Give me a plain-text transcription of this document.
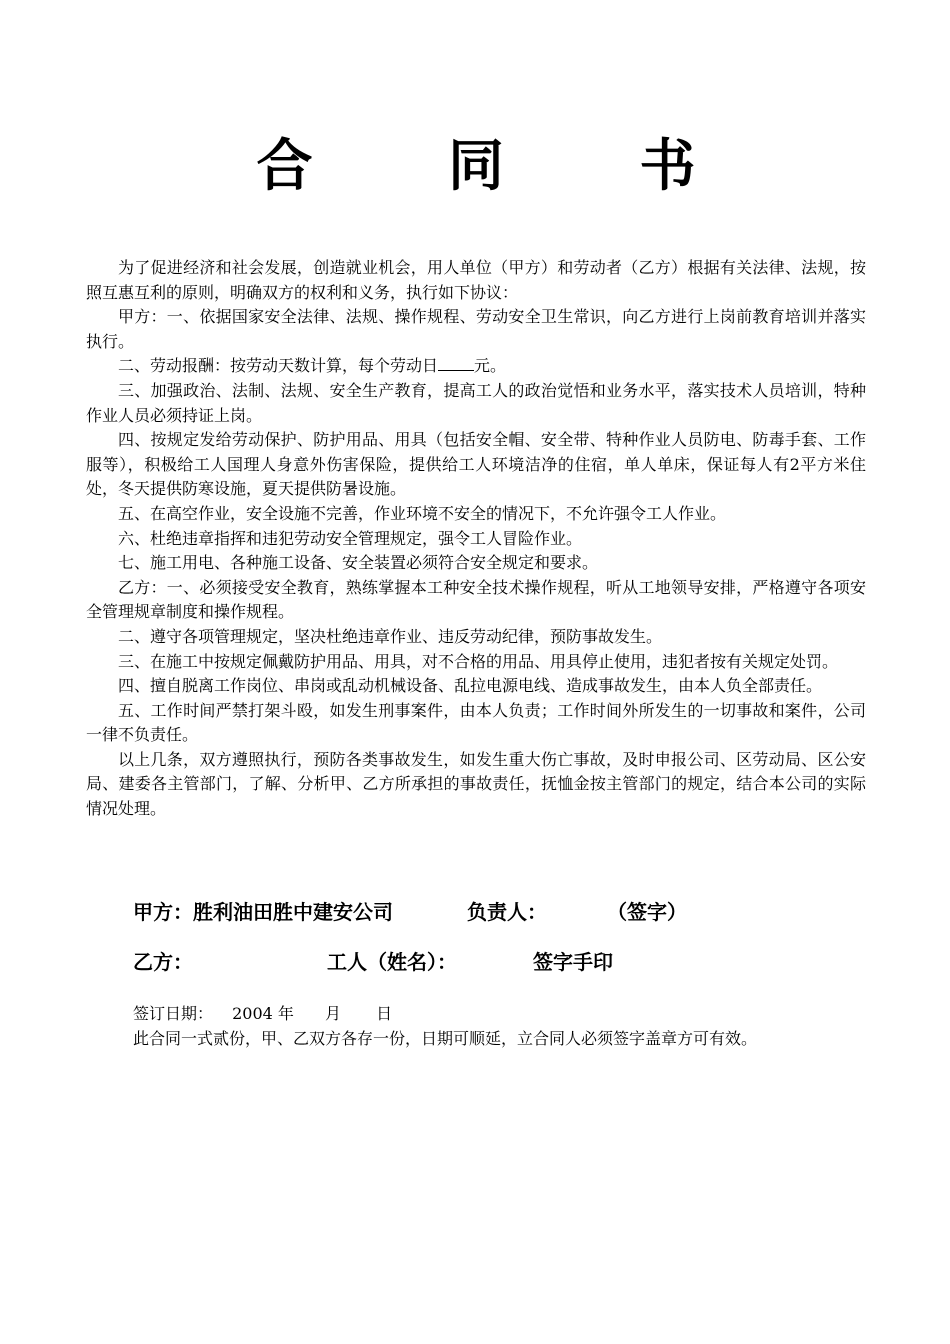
合 同 书

为了促进经济和社会发展，创造就业机会，用人单位（甲方）和劳动者（乙方）根据有关法律、法规，按照互惠互利的原则，明确双方的权利和义务，执行如下协议：

甲方：一、依据国家安全法律、法规、操作规程、劳动安全卫生常识，向乙方进行上岗前教育培训并落实执行。

二、劳动报酬：按劳动天数计算，每个劳动日 元。

三、加强政治、法制、法规、安全生产教育，提高工人的政治觉悟和业务水平，落实技术人员培训，特种作业人员必须持证上岗。

四、按规定发给劳动保护、防护用品、用具（包括安全帽、安全带、特种作业人员防电、防毒手套、工作服等），积极给工人国理人身意外伤害保险，提供给工人环境洁净的住宿，单人单床，保证每人有2平方米住处，冬天提供防寒设施，夏天提供防暑设施。

五、在高空作业，安全设施不完善，作业环境不安全的情况下，不允许强令工人作业。

六、杜绝违章指挥和违犯劳动安全管理规定，强令工人冒险作业。

七、施工用电、各种施工设备、安全装置必须符合安全规定和要求。

乙方：一、必须接受安全教育，熟练掌握本工种安全技术操作规程，听从工地领导安排，严格遵守各项安全管理规章制度和操作规程。

二、遵守各项管理规定，坚决杜绝违章作业、违反劳动纪律，预防事故发生。

三、在施工中按规定佩戴防护用品、用具，对不合格的用品、用具停止使用，违犯者按有关规定处罚。

四、擅自脱离工作岗位、串岗或乱动机械设备、乱拉电源电线、造成事故发生，由本人负全部责任。

五、工作时间严禁打架斗殴，如发生刑事案件，由本人负责；工作时间外所发生的一切事故和案件，公司一律不负责任。

以上几条，双方遵照执行，预防各类事故发生，如发生重大伤亡事故，及时申报公司、区劳动局、区公安局、建委各主管部门，了解、分析甲、乙方所承担的事故责任，抚恤金按主管部门的规定，结合本公司的实际情况处理。

甲方：胜利油田胜中建安公司	负责人：	（签字）
乙方：	工人（姓名）：	签字手印
签订日期： 2004 年 月 日
此合同一式贰份，甲、乙双方各存一份，日期可顺延，立合同人必须签字盖章方可有效。
